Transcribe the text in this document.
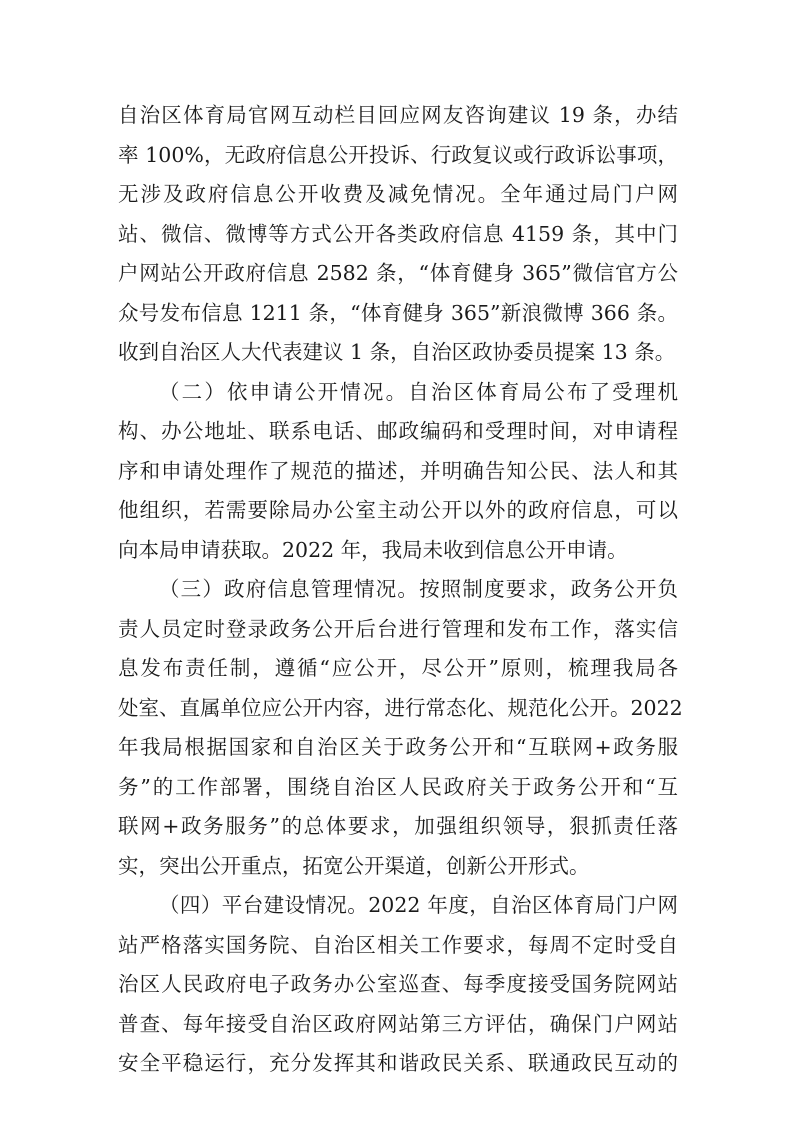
自治区体育局官网互动栏目回应网友咨询建议 19 条，办结
率 100%，无政府信息公开投诉、行政复议或行政诉讼事项，
无涉及政府信息公开收费及减免情况。全年通过局门户网
站、微信、微博等方式公开各类政府信息 4159 条，其中门
户网站公开政府信息 2582 条，“体育健身 365”微信官方公
众号发布信息 1211 条，“体育健身 365”新浪微博 366 条。
收到自治区人大代表建议 1 条，自治区政协委员提案 13 条。
（二）依申请公开情况。自治区体育局公布了受理机
构、办公地址、联系电话、邮政编码和受理时间，对申请程
序和申请处理作了规范的描述，并明确告知公民、法人和其
他组织，若需要除局办公室主动公开以外的政府信息，可以
向本局申请获取。2022 年，我局未收到信息公开申请。
（三）政府信息管理情况。按照制度要求，政务公开负
责人员定时登录政务公开后台进行管理和发布工作，落实信
息发布责任制，遵循“应公开，尽公开”原则，梳理我局各
处室、直属单位应公开内容，进行常态化、规范化公开。2022
年我局根据国家和自治区关于政务公开和“互联网+政务服
务”的工作部署，围绕自治区人民政府关于政务公开和“互
联网+政务服务”的总体要求，加强组织领导，狠抓责任落
实，突出公开重点，拓宽公开渠道，创新公开形式。
（四）平台建设情况。2022 年度，自治区体育局门户网
站严格落实国务院、自治区相关工作要求，每周不定时受自
治区人民政府电子政务办公室巡查、每季度接受国务院网站
普查、每年接受自治区政府网站第三方评估，确保门户网站
安全平稳运行，充分发挥其和谐政民关系、联通政民互动的
